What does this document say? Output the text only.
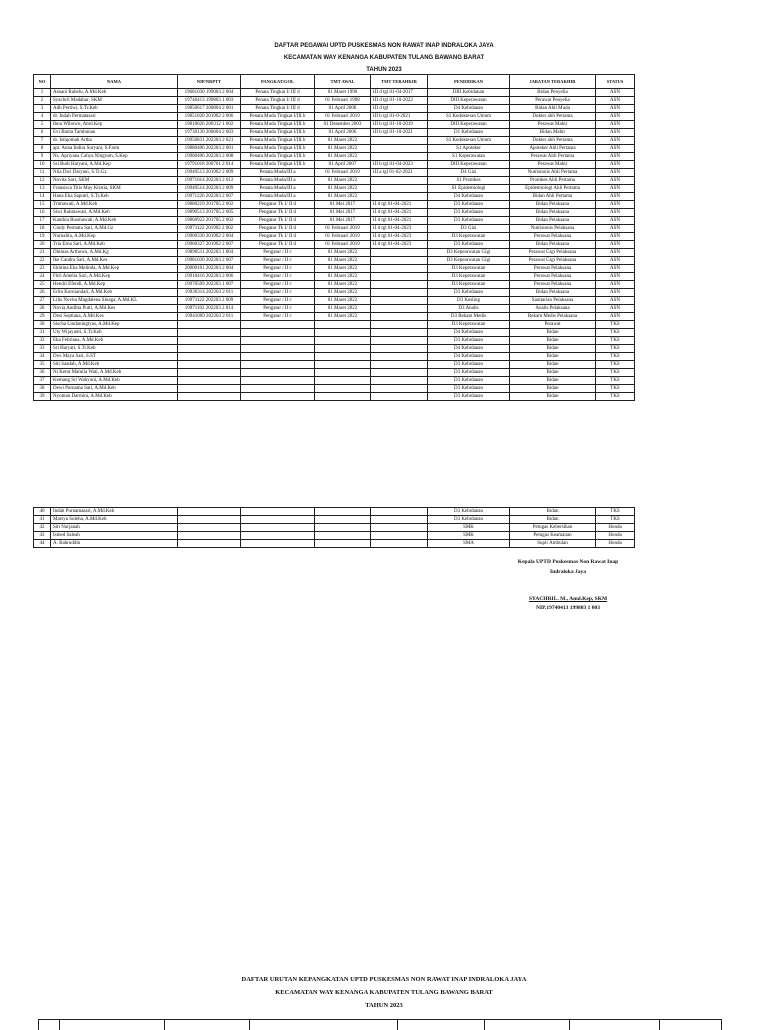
DAFTAR PEGAWAI UPTD PUSKESMAS NON RAWAT INAP INDRALOKA JAYA
KECAMATAN WAY KENANGA KABUPATEN TULANG BAWANG BARAT
TAHUN 2023
NO	NAMA	NIP/NRPTT	PANGKAT/GOL	TMT AWAL	TMT TERAHKIR	PENDIDIKAN	JABATAN TERAKHIR	STATUS
1	Asnani Rahelu, A.Md.Keb	19681030 199003 2 004	Penata Tingkat I/ III d	01 Maret 1990	III d tgl 01-04-2017	DIII Kebidanan	Bidan Penyelia	ASN
2	Syachril Madahar, SKM	19740413 199803 1 003	Penata Tingkat I/ III d	01 Februari 1998	III d tgl 01-10-2022	DIII Keperawatan	Perawat Penyelia	ASN
3	Adh Pertiwi, S.Tr.Keb	19850617 200804 2 001	Penata Tingkat I/ III d	01 April 2008	III d tgl	D4 Kebidanan	Bidan Ahli Muda	ASN
4	dr. Indah Permatasari	19851020 201902 2 006	Penata Muda Tingkat I/III b	01 Februari 2019	III b tgl 01-0-2021	S1 Kedokteran Umum	Dokter ahli Pertama	ASN
5	Ibnu Wibowo, Amd.Kep	19810626 200312 1 002	Penata Muda Tingkat I/III b	01 Desember 2003	III b tgl 01-10-2019	DIII Keperawatan	Perawat Mahir	ASN
6	Evi Bunta Tambunan	19730130 200604 2 003	Penata Muda Tingkat I/III b	01 April 2006	III b tgl 01-10-2021	D1 Kebidanan	Bidan Mahir	ASN
7	dr. Istiqomah Artha	19950831 202203 2 021	Penata Muda Tingkat I/III b	01 Maret 2022		S1 Kedokteran Umum	Dokter ahli Pertama	ASN
8	apt. Anna Indira Suryani, S.Farm	19880406 202203 2 001	Penata Muda Tingkat I/III b	01 Maret 2022		S1 Apoteker	Apoteker Ahli Pertama	ASN
9	Ns. Apriyana Cahya Ningrum, S.Kep	19960406 202203 2 008	Penata Muda Tingkat I/III b	01 Maret 2022		S1 Keperawatan	Perawat Ahli Pertama	ASN
10	Sri Budi Haryani, A.Md.Kep	19791018 200701 2 014	Penata Muda Tingkat I/III b	01 April 2007	III b tgl 01-04-2023	DIII Keperawatan	Perawat Mahir	ASN
11	Nila Dwi Daryani, S.Tr.Gz	19940513 201902 2 009	Penata Muda/III a	01 Februari 2019	III a tgl 01-02-2021	D4 Gizi	Nutrisionis Ahli Pertama	ASN
12	Novita Sari, SKM	19971014 202203 2 012	Penata Muda/III a	01 Maret 2022		S1 Promkes	Promkes Ahli Pertama	ASN
13	Fransisca Titis May Kristia, SKM	19940514 202203 2 009	Penata Muda/III a	01 Maret 2022		S1 Epidemiologi	Epidemiologi Ahli Pertama	ASN
14	Hana Eka Saputri, S.Tr.Keb	19971226 202203 2 007	Penata Muda/III a	01 Maret 2022		D4 Kebidanan	Bidan Ahli Pertama	ASN
15	Trimawati, A.Md.Keb	19880219 201705 2 002	Pengatur Tk I/ II d	01 Mei 2017	II d tgl 01-04-2021	D3 Kebidanan	Bidan Pelaksana	ASN
16	Siwi Rahmawati, A.Md.Keb	19890513 201705 2 005	Pengatur Tk I/ II d	01 Mei 2017	II d tgl 01-04-2021	D3 Kebidanan	Bidan Pelaksana	ASN
17	Kanthia Rusmawati, A.Md.Keb	19860922 201705 2 002	Pengatur Tk I/ II d	01 Mei 2017	II d tgl 01-04-2021	D3 Kebidanan	Bidan Pelaksana	ASN
18	Cindy Permata Sari, A.Md.Gz	19971122 201902 2 002	Pengatur Tk I/ II d	01 Februari 2019	II d tgl 01-04-2023	D3 Gizi	Nutrisionis Pelaksana	ASN
19	Nurnalita, A.Md.Kep	19900330 201902 2 004	Pengatur Tk I/ II d	01 Februari 2019	II d tgl 01-04-2023	D3 Keperawatan	Perawat Pelaksana	ASN
20	Tria Erna Sari, A.Md.Keb	19960327 201902 2 007	Pengatur Tk I/ II d	01 Februari 2019	II d tgl 01-04-2023	D3 Kebidanan	Bidan Pelaksana	ASN
21	Dhimas Arthowo, A.Md.Kg	19890511 202203 1 004	Pengatur / II c	01 Maret 2022		D3 Keperawatan Gigi	Perawat Gigi Pelaksana	ASN
22	Ike Candra Sari, A.Md.Kes	19981030 202203 2 007	Pengatur / II c	01 Maret 2022		D3 Keperawatan Gigi	Perawat Gigi Pelaksana	ASN
23	Ekhtina Eka Melinda, A.Md.Kep	20000101 202203 2 004	Pengatur / II c	01 Maret 2022		D3 Keperawatan	Perawat Pelaksana	ASN
24	Fitri Amelia Sari, A.Md.Kep	19910416 202203 2 006	Pengatur / II c	01 Maret 2022		D3 Keperawatan	Perawat Pelaksana	ASN
25	Hendri Efendi, A.Md.Kep	19970509 202203 1 007	Pengatur / II c	01 Maret 2022		D3 Keperawatan	Perawat Pelaksana	ASN
26	Erlin Kurniandari, A.Md.Keb	19930314 202203 2 011	Pengatur / II c	01 Maret 2022		D3 Kebidanan	Bidan Pelaksana	ASN
27	Lilis Novita Magdalena Sinaga, A.Md.KL	19971122 202203 2 009	Pengatur / II c	01 Maret 2022		D3 Kesling	Sanitarian Pelaksana	ASN
28	Novia Audlita Putri, A.Md.Kes	19971102 202203 2 014	Pengatur / II c	01 Maret 2022		D3 Analis	Analis Pelaksana	ASN
29	Desi Septiana, A.Md.Kes	19941009 202203 2 011	Pengatur / II c	01 Maret 2022		D3 Rekam Medis	Rekam Medis Pelaksana	ASN
30	Sischa Lindaningtyas, A.Md.Kep					D3 Keperawatan	Perawat	TKS
31	Uty Wijayanti, S.Tr.Keb					D4 Kebidanan	Bidan	TKS
32	Eka Febriana, A.Md.Keb					D3 Kebidanan	Bidan	TKS
33	Sri Haryati, S.Tr.Keb					D4 Kebidanan	Bidan	TKS
34	Dwi Maya Sari, S.ST					D4 Kebidanan	Bidan	TKS
35	Siti Saadah, A.Md.Keb					D3 Kebidanan	Bidan	TKS
36	Ni Ketut Mamila Wati, A.Md.Keb					D3 Kebidanan	Bidan	TKS
37	Kemang Sri Wahyuni, A.Md.Keb					D3 Kebidanan	Bidan	TKS
38	Dewi Purnama Sari, A.Md.Keb					D3 Kebidanan	Bidan	TKS
39	Nyoman Darmini, A.Md.Keb					D3 Kebidanan	Bidan	TKS
40	Indah Purnamasari, A.Md.Keb					D3 Kebidanan	Bidan	TKS
41	Marsya Soleha, A.Md.Keb					D3 Kebidanan	Bidan	TKS
42	Siti Nurjanah					SMK	Petugas Kebersihan	Honda
43	Ismed Saleah					SMK	Petugas Keamanan	Honda
44	A. Bahruddin					SMA	Supir Ambulan	Honda
Kepala UPTD Puskesmas Non Rawat Inap
Indraloka Jaya
SYACHRIL. M., Amd.Kep, SKM
NIP.19740413 199803 1 003
DAFTAR URUTAN KEPANGKATAN UPTD PUSKESMAS NON RAWAT INAP INDRALOKA JAYA
KECAMATAN WAY KENANGA KABUPATEN TULANG BAWANG BARAT
TAHUN 2023
